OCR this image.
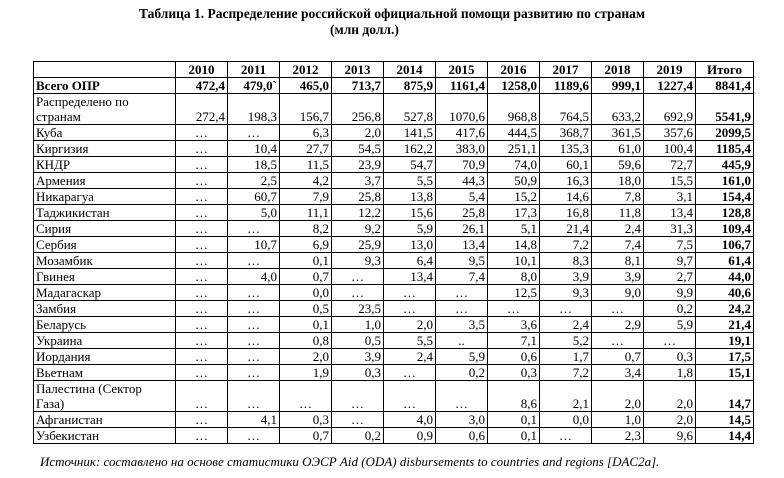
Таблица 1. Распределение российской официальной помощи развитию по странам
(млн долл.)
	2010	2011	2012	2013	2014	2015	2016	2017	2018	2019	Итого
Всего ОПР	472,4	479,0`	465,0	713,7	875,9	1161,4	1258,0	1189,6	999,1	1227,4	8841,4
Распределено по странам	272,4	198,3	156,7	256,8	527,8	1070,6	968,8	764,5	633,2	692,9	5541,9
Куба	…	…	6,3	2,0	141,5	417,6	444,5	368,7	361,5	357,6	2099,5
Киргизия	…	10,4	27,7	54,5	162,2	383,0	251,1	135,3	61,0	100,4	1185,4
КНДР	…	18,5	11,5	23,9	54,7	70,9	74,0	60,1	59,6	72,7	445,9
Армения	…	2,5	4,2	3,7	5,5	44,3	50,9	16,3	18,0	15,5	161,0
Никарагуа	…	60,7	7,9	25,8	13,8	5,4	15,2	14,6	7,8	3,1	154,4
Таджикистан	…	5,0	11,1	12,2	15,6	25,8	17,3	16,8	11,8	13,4	128,8
Сирия	…	…	8,2	9,2	5,9	26,1	5,1	21,4	2,4	31,3	109,4
Сербия	…	10,7	6,9	25,9	13,0	13,4	14,8	7,2	7,4	7,5	106,7
Мозамбик	…	…	0,1	9,3	6,4	9,5	10,1	8,3	8,1	9,7	61,4
Гвинея	…	4,0	0,7	…	13,4	7,4	8,0	3,9	3,9	2,7	44,0
Мадагаскар	…	…	0,0	…	…	…	12,5	9,3	9,0	9,9	40,6
Замбия	…	…	0,5	23,5	…	…	…	…	…	0,2	24,2
Беларусь	…	…	0,1	1,0	2,0	3,5	3,6	2,4	2,9	5,9	21,4
Украина	…	…	0,8	0,5	5,5	..	7,1	5,2	…	…	19,1
Иордания	…	…	2,0	3,9	2,4	5,9	0,6	1,7	0,7	0,3	17,5
Вьетнам	…	…	1,9	0,3	…	0,2	0,3	7,2	3,4	1,8	15,1
Палестина (Сектор Газа)	…	…	…	…	…	…	8,6	2,1	2,0	2,0	14,7
Афганистан	…	4,1	0,3	…	4,0	3,0	0,1	0,0	1,0	2,0	14,5
Узбекистан	…	…	0,7	0,2	0,9	0,6	0,1	…	2,3	9,6	14,4
Источник: составлено на основе статистики ОЭСР Aid (ODA) disbursements to countries and regions [DAC2a].
